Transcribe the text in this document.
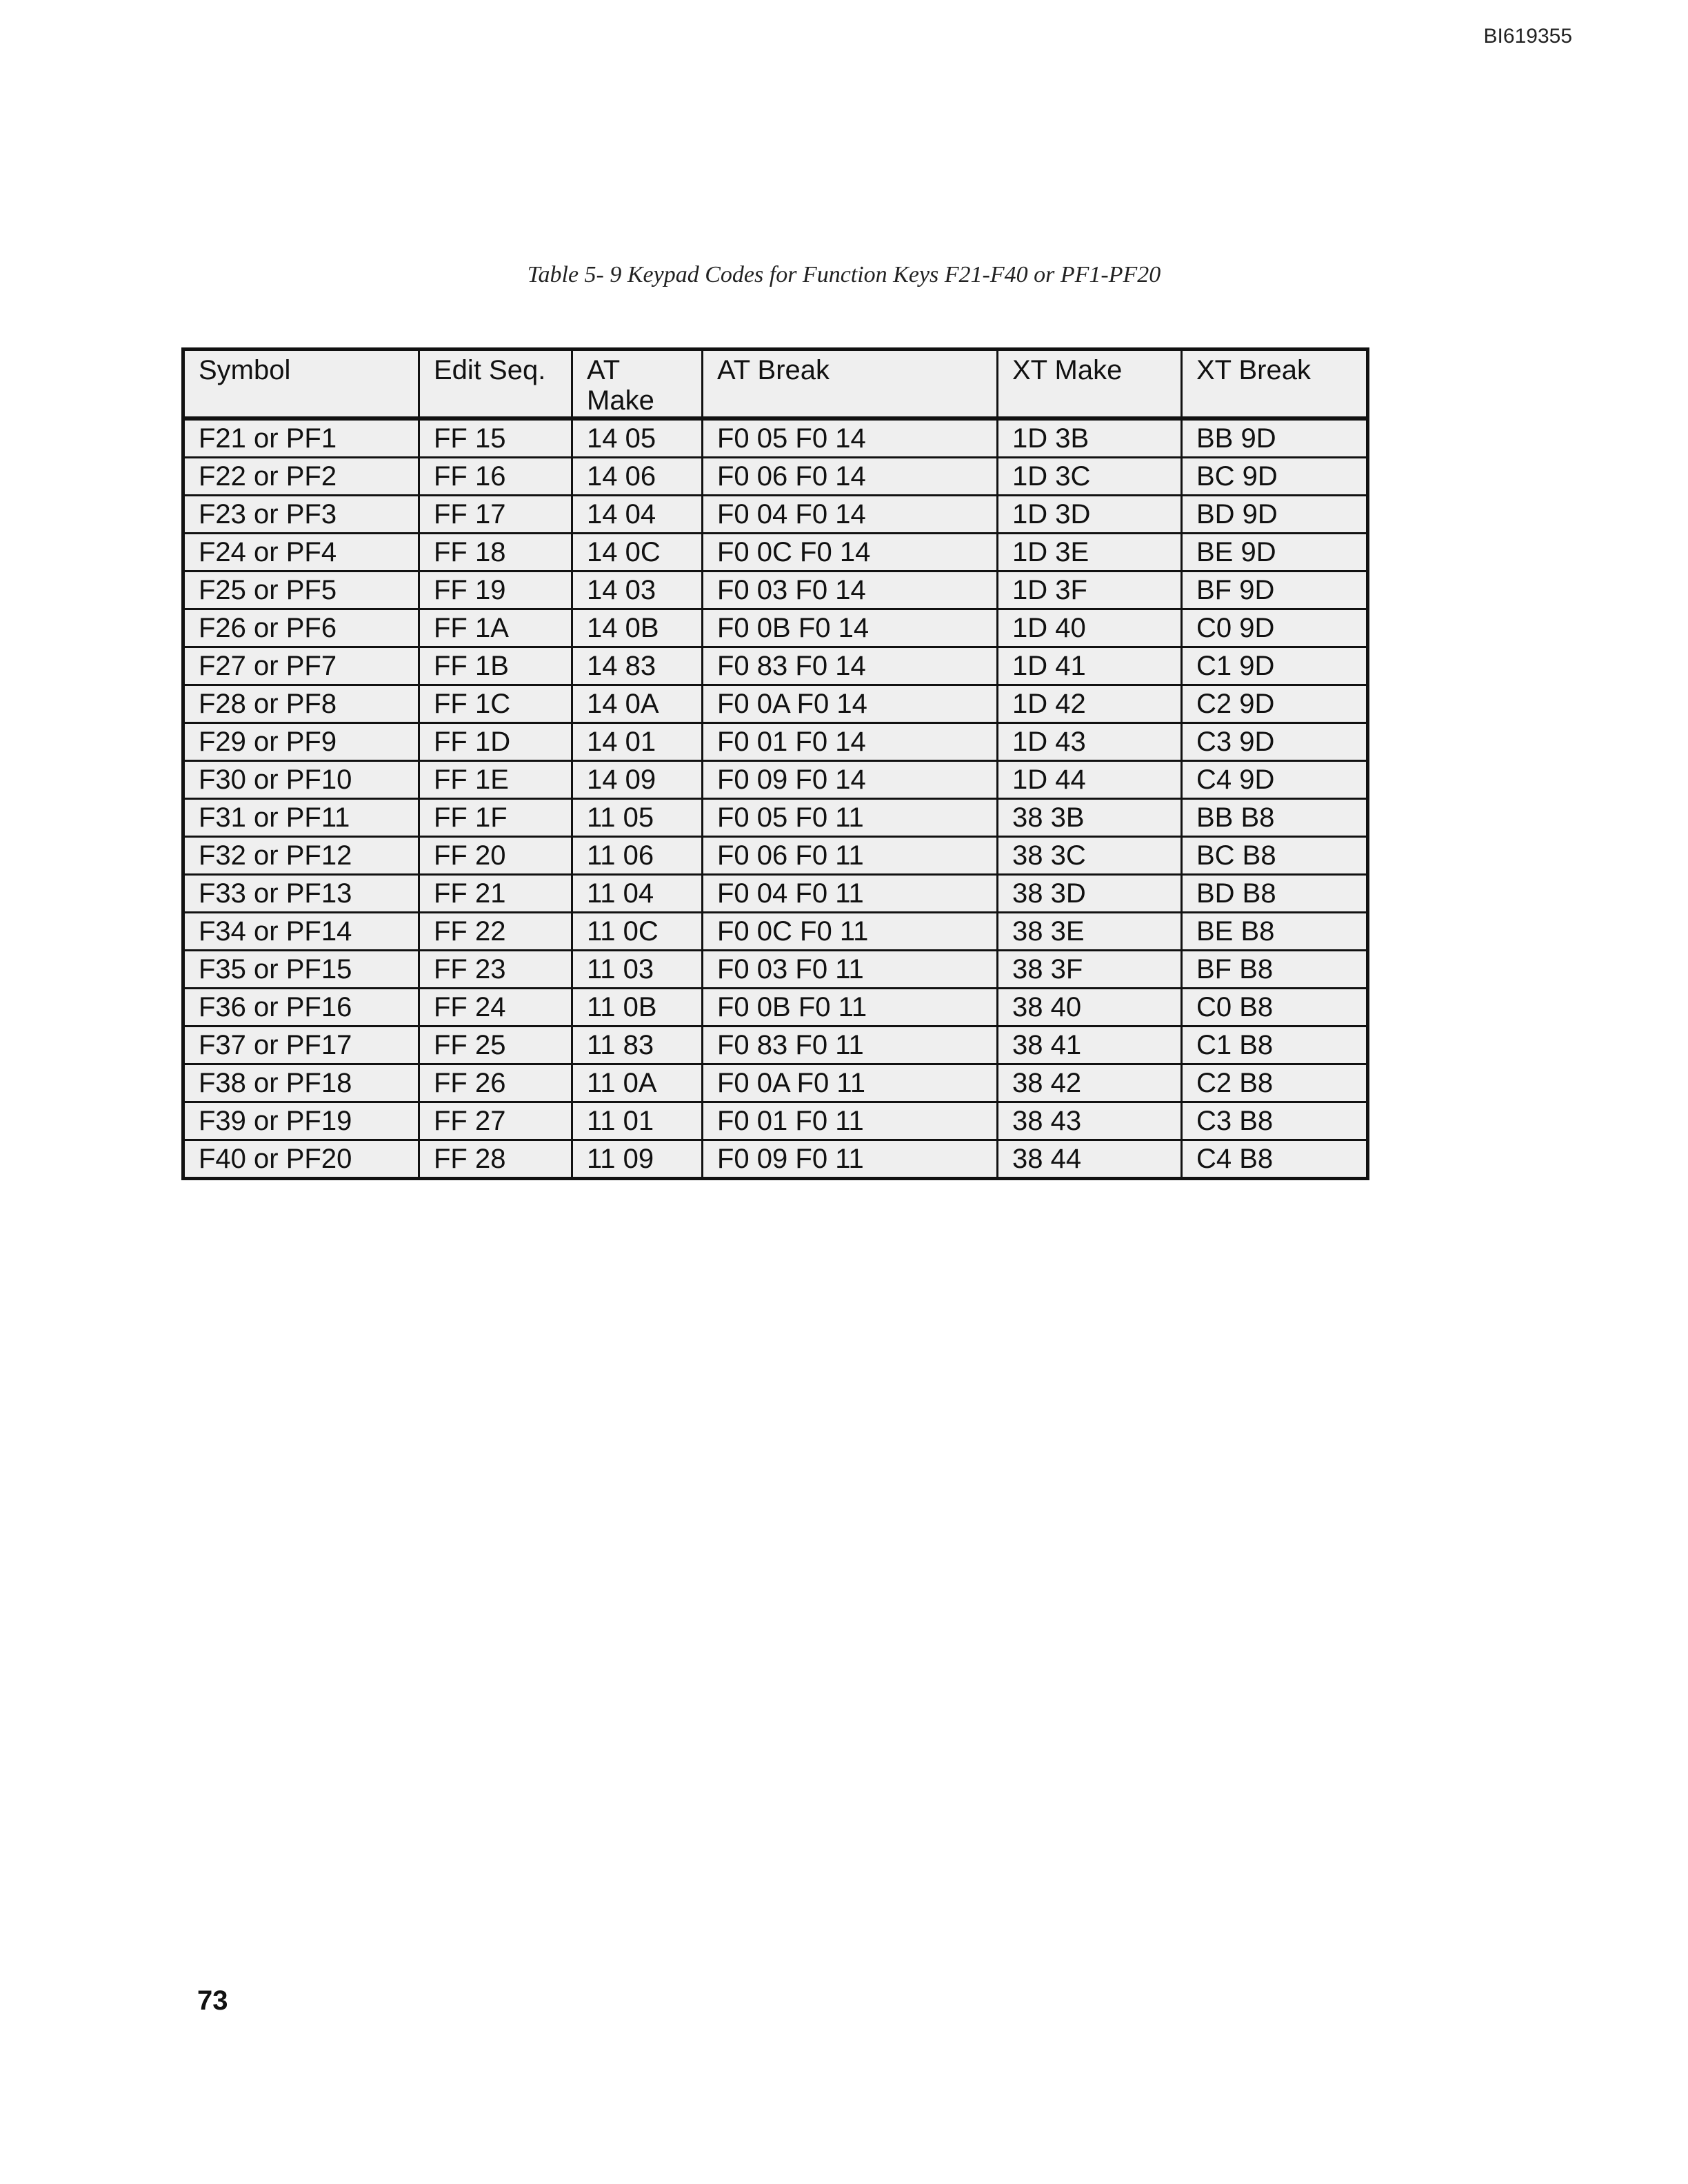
BI619355
Table 5- 9 Keypad Codes for Function Keys F21-F40 or PF1-PF20
Symbol	Edit Seq.	AT Make	AT Break	XT Make	XT Break
F21 or PF1	FF 15	14 05	F0 05 F0 14	1D 3B	BB 9D
F22 or PF2	FF 16	14 06	F0 06 F0 14	1D 3C	BC 9D
F23 or PF3	FF 17	14 04	F0 04 F0 14	1D 3D	BD 9D
F24 or PF4	FF 18	14 0C	F0 0C F0 14	1D 3E	BE 9D
F25 or PF5	FF 19	14 03	F0 03 F0 14	1D 3F	BF 9D
F26 or PF6	FF 1A	14 0B	F0 0B F0 14	1D 40	C0 9D
F27 or PF7	FF 1B	14 83	F0 83 F0 14	1D 41	C1 9D
F28 or PF8	FF 1C	14 0A	F0 0A F0 14	1D 42	C2 9D
F29 or PF9	FF 1D	14 01	F0 01 F0 14	1D 43	C3 9D
F30 or PF10	FF 1E	14 09	F0 09 F0 14	1D 44	C4 9D
F31 or PF11	FF 1F	11 05	F0 05 F0 11	38 3B	BB B8
F32 or PF12	FF 20	11 06	F0 06 F0 11	38 3C	BC B8
F33 or PF13	FF 21	11 04	F0 04 F0 11	38 3D	BD B8
F34 or PF14	FF 22	11 0C	F0 0C F0 11	38 3E	BE B8
F35 or PF15	FF 23	11 03	F0 03 F0 11	38 3F	BF B8
F36 or PF16	FF 24	11 0B	F0 0B F0 11	38 40	C0 B8
F37 or PF17	FF 25	11 83	F0 83 F0 11	38 41	C1 B8
F38 or PF18	FF 26	11 0A	F0 0A F0 11	38 42	C2 B8
F39 or PF19	FF 27	11 01	F0 01 F0 11	38 43	C3 B8
F40 or PF20	FF 28	11 09	F0 09 F0 11	38 44	C4 B8
73
